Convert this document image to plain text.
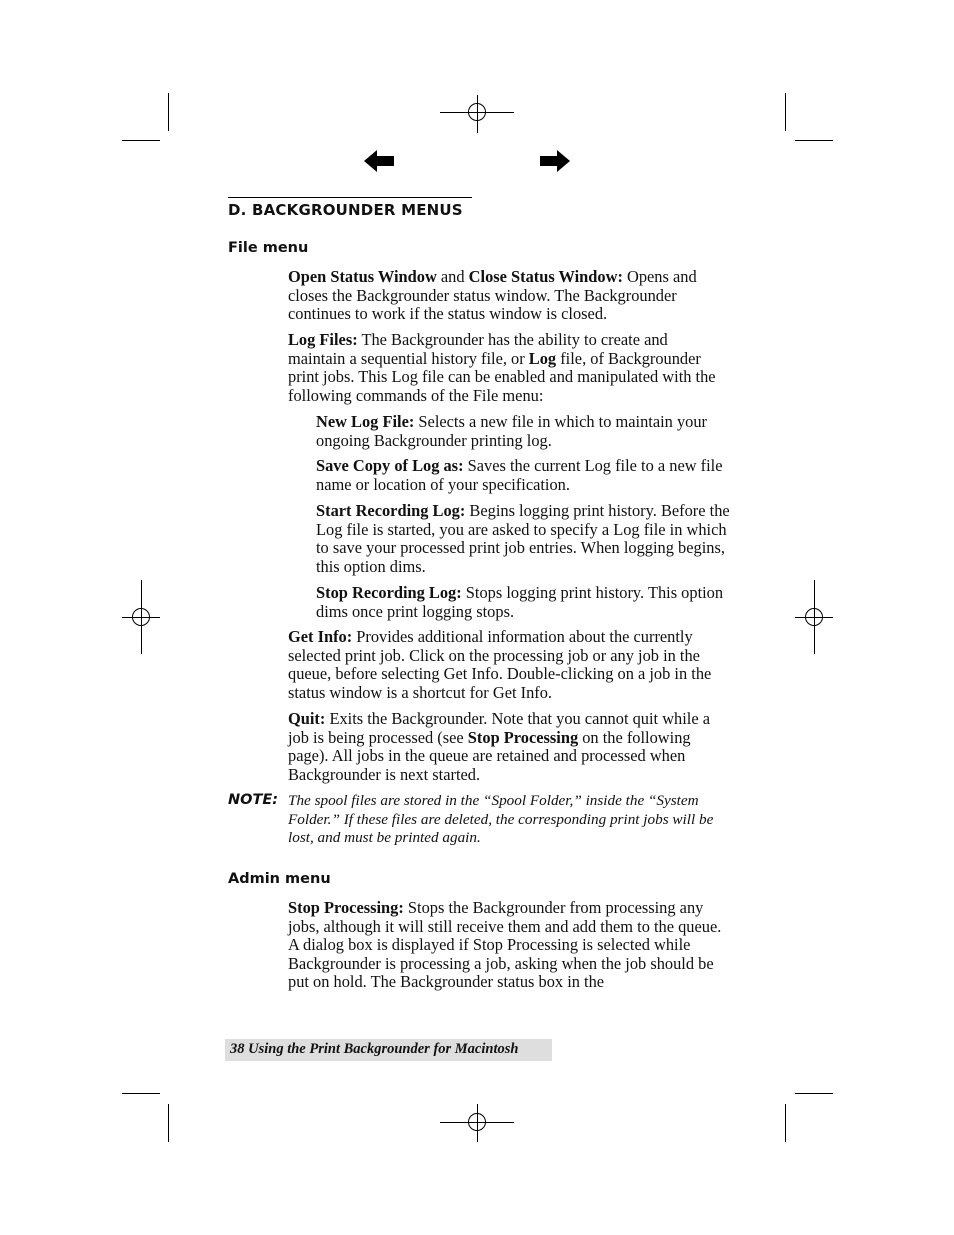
D. BACKGROUNDER MENUS
File menu

Open Status Window and Close Status Window: Opens and closes the Backgrounder status window. The Backgrounder continues to work if the status window is closed.

Log Files: The Backgrounder has the ability to create and maintain a sequential history file, or Log file, of Backgrounder print jobs. This Log file can be enabled and manipulated with the following commands of the File menu:

New Log File: Selects a new file in which to maintain your ongoing Backgrounder printing log.

Save Copy of Log as: Saves the current Log file to a new file name or location of your specification.

Start Recording Log: Begins logging print history. Before the Log file is started, you are asked to specify a Log file in which to save your processed print job entries. When logging begins, this option dims.

Stop Recording Log: Stops logging print history. This option dims once print logging stops.

Get Info: Provides additional information about the currently selected print job. Click on the processing job or any job in the queue, before selecting Get Info. Double-clicking on a job in the status window is a shortcut for Get Info.

Quit: Exits the Backgrounder. Note that you cannot quit while a job is being processed (see Stop Processing on the following page). All jobs in the queue are retained and processed when Backgrounder is next started.

NOTE: The spool files are stored in the “Spool Folder,” inside the “System Folder.” If these files are deleted, the corresponding print jobs will be lost, and must be printed again.

Admin menu

Stop Processing: Stops the Backgrounder from processing any jobs, although it will still receive them and add them to the queue. A dialog box is displayed if Stop Processing is selected while Backgrounder is processing a job, asking when the job should be put on hold. The Backgrounder status box in the

38 Using the Print Backgrounder for Macintosh
